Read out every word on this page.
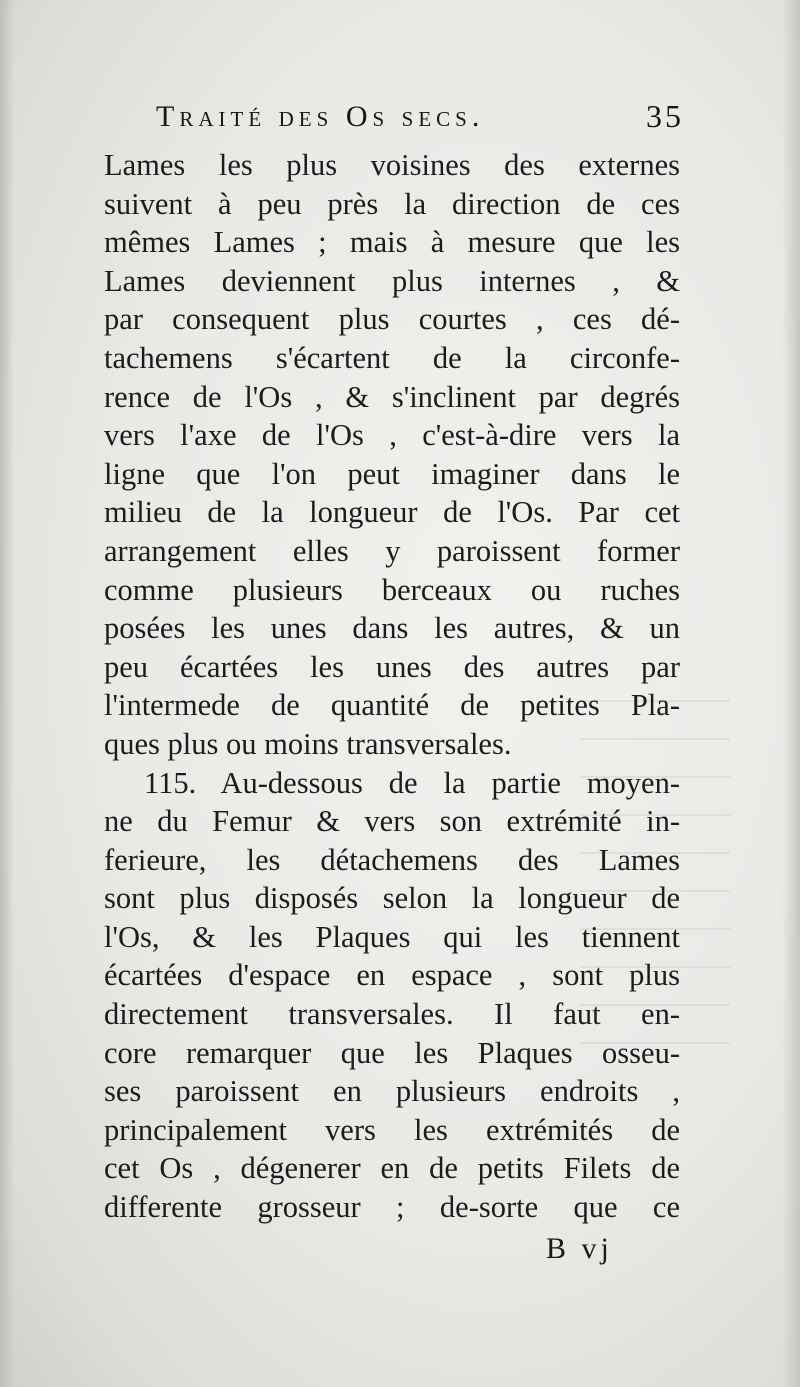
Traité des Os secs.	35
Lames les plus voisines des externes
suivent à peu près la direction de ces
mêmes Lames ; mais à mesure que les
Lames deviennent plus internes , &
par consequent plus courtes , ces dé-
tachemens s'écartent de la circonfe-
rence de l'Os , & s'inclinent par degrés
vers l'axe de l'Os , c'est-à-dire vers la
ligne que l'on peut imaginer dans le
milieu de la longueur de l'Os. Par cet
arrangement elles y paroissent former
comme plusieurs berceaux ou ruches
posées les unes dans les autres, & un
peu écartées les unes des autres par
l'intermede de quantité de petites Pla-
ques plus ou moins transversales.
115. Au-dessous de la partie moyen-
ne du Femur & vers son extrémité in-
ferieure, les détachemens des Lames
sont plus disposés selon la longueur de
l'Os, & les Plaques qui les tiennent
écartées d'espace en espace , sont plus
directement transversales. Il faut en-
core remarquer que les Plaques osseu-
ses paroissent en plusieurs endroits ,
principalement vers les extrémités de
cet Os , dégenerer en de petits Filets de
differente grosseur ; de-sorte que ce
B vj
